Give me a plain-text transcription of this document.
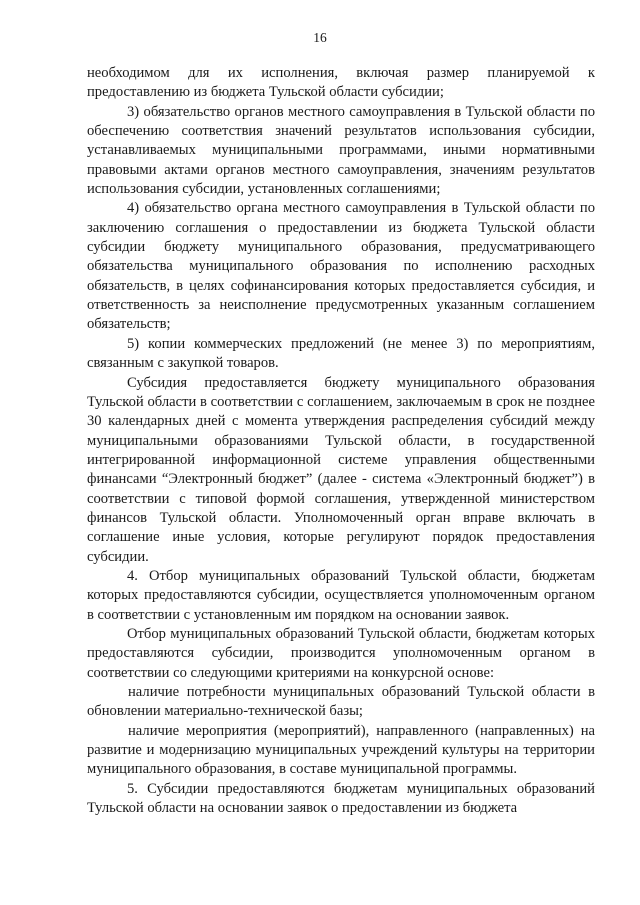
16

необходимом для их исполнения, включая размер планируемой к предоставлению из бюджета Тульской области субсидии;

3) обязательство органов местного самоуправления в Тульской области по обеспечению соответствия значений результатов использования субсидии, устанавливаемых муниципальными программами, иными нормативными правовыми актами органов местного самоуправления, значениям результатов использования субсидии, установленных соглашениями;

4) обязательство органа местного самоуправления в Тульской области по заключению соглашения о предоставлении из бюджета Тульской области субсидии бюджету муниципального образования, предусматривающего обязательства муниципального образования по исполнению расходных обязательств, в целях софинансирования которых предоставляется субсидия, и ответственность за неисполнение предусмотренных указанным соглашением обязательств;

5) копии коммерческих предложений (не менее 3) по мероприятиям, связанным с закупкой товаров.

Субсидия предоставляется бюджету муниципального образования Тульской области в соответствии с соглашением, заключаемым в срок не позднее 30 календарных дней с момента утверждения распределения субсидий между муниципальными образованиями Тульской области, в государственной интегрированной информационной системе управления общественными финансами “Электронный бюджет” (далее - система «Электронный бюджет”) в соответствии с типовой формой соглашения, утвержденной министерством финансов Тульской области. Уполномоченный орган вправе включать в соглашение иные условия, которые регулируют порядок предоставления субсидии.

4. Отбор муниципальных образований Тульской области, бюджетам которых предоставляются субсидии, осуществляется уполномоченным органом в соответствии с установленным им порядком на основании заявок.

Отбор муниципальных образований Тульской области, бюджетам которых предоставляются субсидии, производится уполномоченным органом в соответствии со следующими критериями на конкурсной основе:

наличие потребности муниципальных образований Тульской области в обновлении материально-технической базы;

наличие мероприятия (мероприятий), направленного (направленных) на развитие и модернизацию муниципальных учреждений культуры на территории муниципального образования, в составе муниципальной программы.

5. Субсидии предоставляются бюджетам муниципальных образований Тульской области на основании заявок о предоставлении из бюджета
